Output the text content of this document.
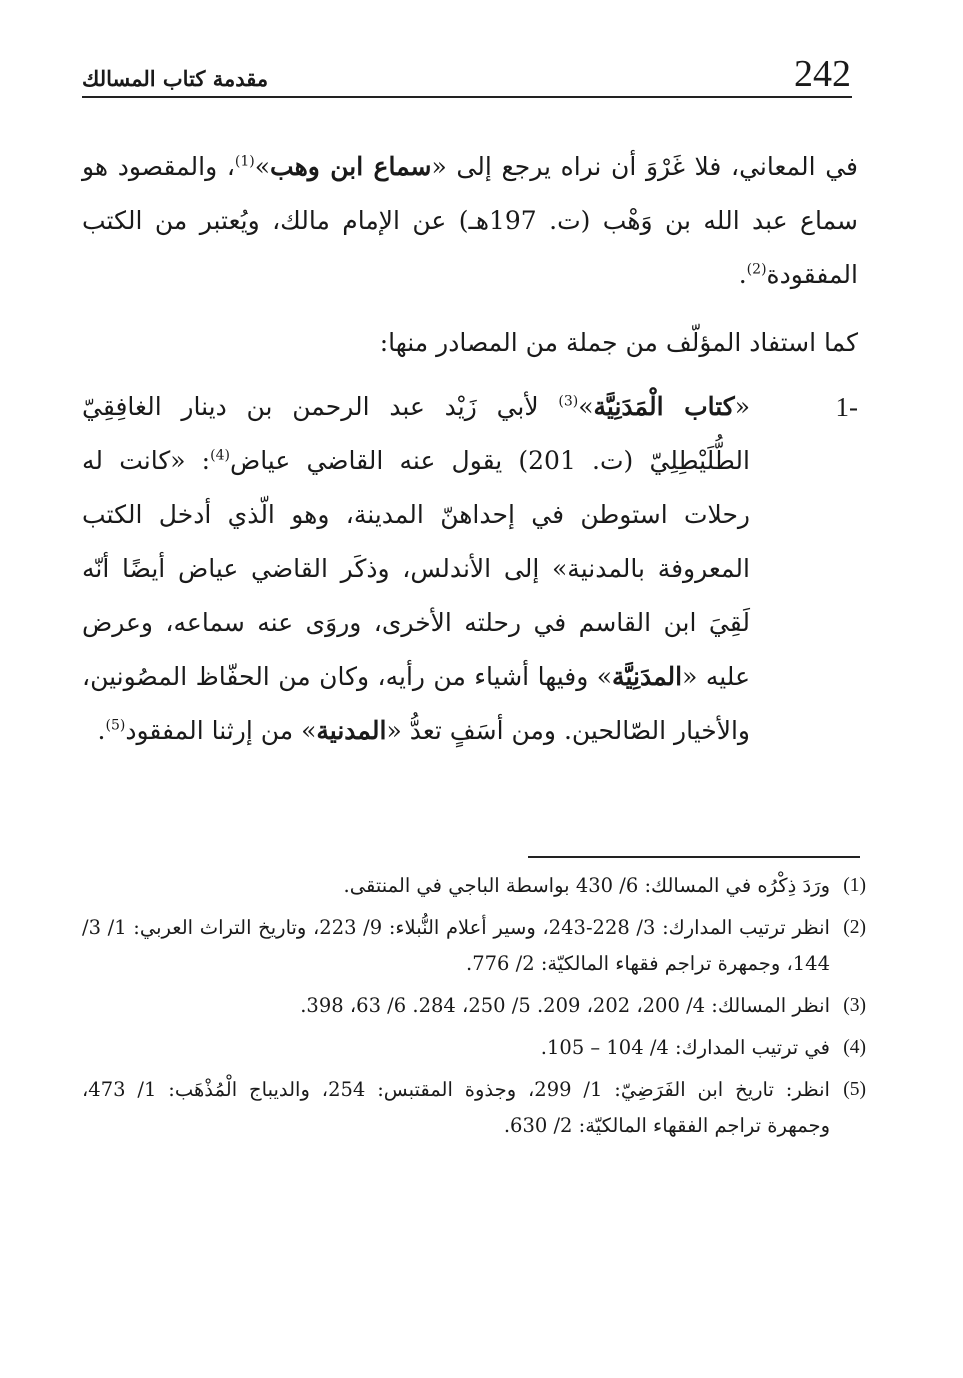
مقدمة كتاب المسالك	242

في المعاني، فلا غَرْوَ أن نراه يرجع إلى «سماع ابن وهب»$^{(1)}$، والمقصود هو سماع عبد الله بن وَهْب (ت. 197هـ) عن الإمام مالك، ويُعتبر من الكتب المفقودة$^{(2)}$.

كما استفاد المؤلّف من جملة من المصادر منها:

1-

«كتاب الْمَدَنِيَّة»$^{(3)}$ لأبي زَيْد عبد الرحمن بن دينار الغافِقِيّ الطُّلَيْطِلِيّ (ت. 201) يقول عنه القاضي عياض$^{(4)}$: «كانت له رحلات استوطن في إحداهنّ المدينة، وهو الّذي أدخل الكتب المعروفة بالمدنية» إلى الأندلس، وذكَر القاضي عياض أيضًا أنّه لَقِيَ ابن القاسم في رحلته الأخرى، وروَى عنه سماعه، وعرض عليه «المدَنِيَّة» وفيها أشياء من رأيه، وكان من الحفّاظ المصُونين، والأخيار الصّالحين. ومن أسَفٍ تعدُّ «المدنية» من إرثنا المفقود$^{(5)}$.

(1)
ورَدَ ذِكْرُه في المسالك: 6/ 430 بواسطة الباجي في المنتقى.

(2)
انظر ترتيب المدارك: 3/ 228-243، وسير أعلام النُّبلاء: 9/ 223، وتاريخ التراث العربي: 1/ 3/ 144، وجمهرة تراجم فقهاء المالكيّة: 2/ 776.

(3)
انظر المسالك: 4/ 200، 202، 209. 5/ 250، 284. 6/ 63، 398.

(4)
في ترتيب المدارك: 4/ 104 – 105.

(5)
انظر: تاريخ ابن الفَرَضِيّ: 1/ 299، وجذوة المقتبس: 254، والديباج الْمُذْهَب: 1/ 473، وجمهرة تراجم الفقهاء المالكيّة: 2/ 630.
